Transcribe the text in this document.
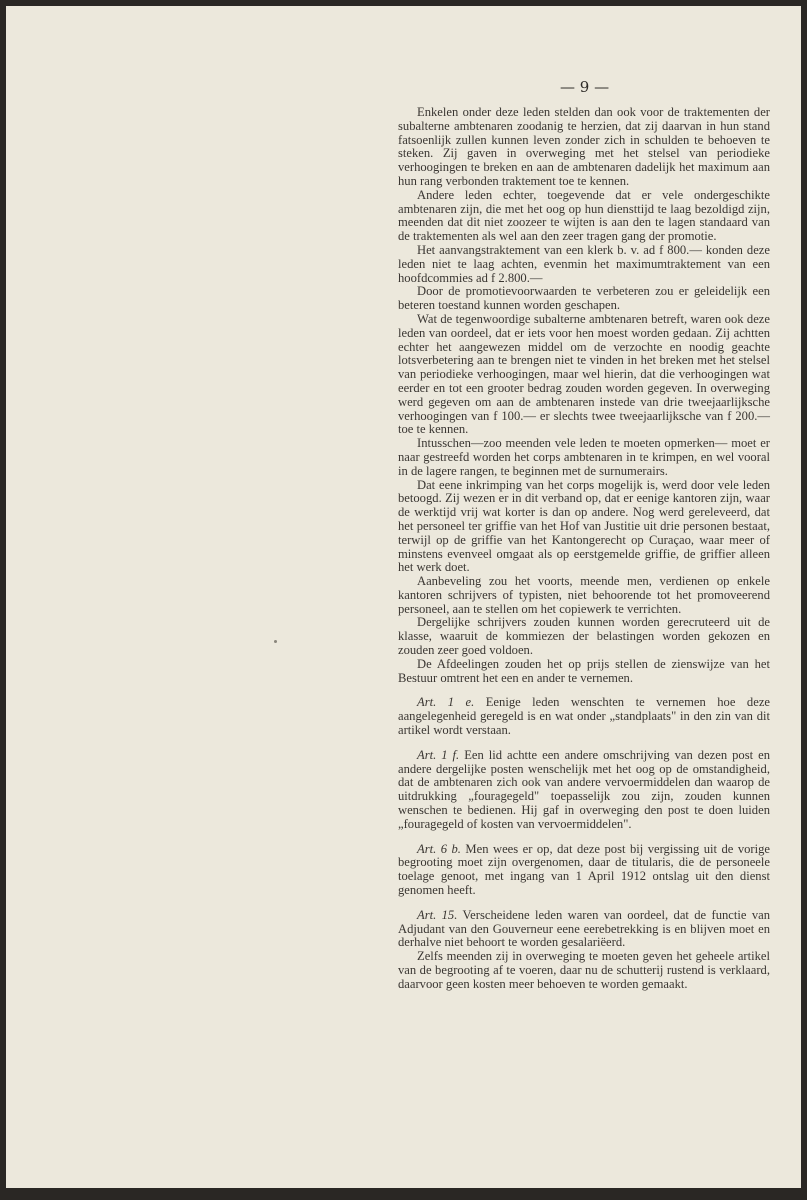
— 9 —

Enkelen onder deze leden stelden dan ook voor de traktementen der subalterne ambtenaren zoodanig te herzien, dat zij daarvan in hun stand fatsoenlijk zullen kunnen leven zonder zich in schulden te behoeven te steken. Zij gaven in overweging met het stelsel van periodieke verhoogingen te breken en aan de ambtenaren dadelijk het maximum aan hun rang verbonden traktement toe te kennen.

Andere leden echter, toegevende dat er vele ondergeschikte ambtenaren zijn, die met het oog op hun diensttijd te laag bezoldigd zijn, meenden dat dit niet zoozeer te wijten is aan den te lagen standaard van de traktementen als wel aan den zeer tragen gang der promotie.

Het aanvangstraktement van een klerk b. v. ad f 800.— konden deze leden niet te laag achten, evenmin het maximumtraktement van een hoofdcommies ad f 2.800.—

Door de promotievoorwaarden te verbeteren zou er geleidelijk een beteren toestand kunnen worden geschapen.

Wat de tegenwoordige subalterne ambtenaren betreft, waren ook deze leden van oordeel, dat er iets voor hen moest worden gedaan. Zij achtten echter het aangewezen middel om de verzochte en noodig geachte lotsverbetering aan te brengen niet te vinden in het breken met het stelsel van periodieke verhoogingen, maar wel hierin, dat die verhoogingen wat eerder en tot een grooter bedrag zouden worden gegeven. In overweging werd gegeven om aan de ambtenaren instede van drie tweejaarlijksche verhoogingen van f 100.— er slechts twee tweejaarlijksche van f 200.— toe te kennen.

Intusschen—zoo meenden vele leden te moeten opmerken— moet er naar gestreefd worden het corps ambtenaren in te krimpen, en wel vooral in de lagere rangen, te beginnen met de surnumerairs.

Dat eene inkrimping van het corps mogelijk is, werd door vele leden betoogd. Zij wezen er in dit verband op, dat er eenige kantoren zijn, waar de werktijd vrij wat korter is dan op andere. Nog werd gereleveerd, dat het personeel ter griffie van het Hof van Justitie uit drie personen bestaat, terwijl op de griffie van het Kantongerecht op Curaçao, waar meer of minstens evenveel omgaat als op eerstgemelde griffie, de griffier alleen het werk doet.

Aanbeveling zou het voorts, meende men, verdienen op enkele kantoren schrijvers of typisten, niet behoorende tot het promoveerend personeel, aan te stellen om het copiewerk te verrichten.

Dergelijke schrijvers zouden kunnen worden gerecruteerd uit de klasse, waaruit de kommiezen der belastingen worden gekozen en zouden zeer goed voldoen.

De Afdeelingen zouden het op prijs stellen de zienswijze van het Bestuur omtrent het een en ander te vernemen.

Art. 1 e. Eenige leden wenschten te vernemen hoe deze aangelegenheid geregeld is en wat onder „standplaats" in den zin van dit artikel wordt verstaan.

Art. 1 f. Een lid achtte een andere omschrijving van dezen post en andere dergelijke posten wenschelijk met het oog op de omstandigheid, dat de ambtenaren zich ook van andere vervoermiddelen dan waarop de uitdrukking „fouragegeld" toepasselijk zou zijn, zouden kunnen wenschen te bedienen. Hij gaf in overweging den post te doen luiden „fouragegeld of kosten van vervoermiddelen".

Art. 6 b. Men wees er op, dat deze post bij vergissing uit de vorige begrooting moet zijn overgenomen, daar de titularis, die de personeele toelage genoot, met ingang van 1 April 1912 ontslag uit den dienst genomen heeft.

Art. 15. Verscheidene leden waren van oordeel, dat de functie van Adjudant van den Gouverneur eene eerebetrekking is en blijven moet en derhalve niet behoort te worden gesalariëerd.

Zelfs meenden zij in overweging te moeten geven het geheele artikel van de begrooting af te voeren, daar nu de schutterij rustend is verklaard, daarvoor geen kosten meer behoeven te worden gemaakt.
